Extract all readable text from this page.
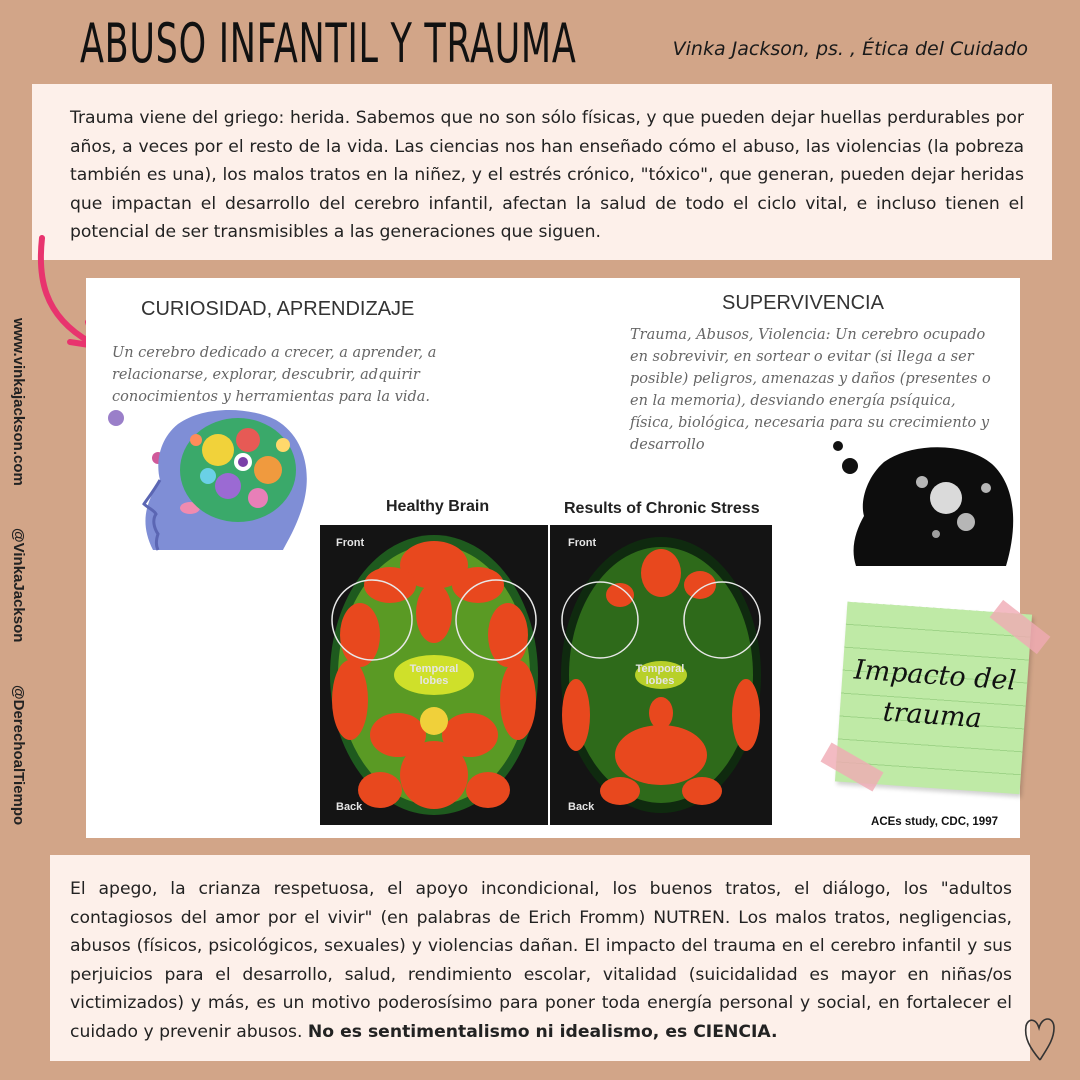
ABUSO INFANTIL Y TRAUMA	Vinka Jackson, ps. , Ética del Cuidado
www.vinkajackson.com @VinkaJackson @DerechoalTiempo

Trauma viene del griego: herida. Sabemos que no son sólo físicas, y que pueden dejar huellas perdurables por años, a veces por el resto de la vida. Las ciencias nos han enseñado cómo el abuso, las violencias (la pobreza también es una), los malos tratos en la niñez, y el estrés crónico, "tóxico", que generan, pueden dejar heridas que impactan el desarrollo del cerebro infantil, afectan la salud de todo el ciclo vital, e incluso tienen el potencial de ser transmisibles a las generaciones que siguen.

CURIOSIDAD, APRENDIZAJE
Un cerebro dedicado a crecer, a aprender, a relacionarse, explorar, descubrir, adquirir conocimientos y herramientas para la vida.
SUPERVIVENCIA
Trauma, Abusos, Violencia: Un cerebro ocupado en sobrevivir, en sortear o evitar (si llega a ser posible) peligros, amenazas y daños (presentes o en la memoria), desviando energía psíquica, física, biológica, necesaria para su crecimiento y desarrollo
Healthy Brain	Results of Chronic Stress
Front
Temporal lobes
Back
Front
Temporal lobes
Back
ACEs study, CDC, 1997
Impacto del
trauma

El apego, la crianza respetuosa, el apoyo incondicional, los buenos tratos, el diálogo, los "adultos contagiosos del amor por el vivir" (en palabras de Erich Fromm) NUTREN. Los malos tratos, negligencias, abusos (físicos, psicológicos, sexuales) y violencias dañan. El impacto del trauma en el cerebro infantil y sus perjuicios para el desarrollo, salud, rendimiento escolar, vitalidad (suicidalidad es mayor en niñas/os victimizados) y más, es un motivo poderosísimo para poner toda energía personal y social, en fortalecer el cuidado y prevenir abusos. No es sentimentalismo ni idealismo, es CIENCIA.
